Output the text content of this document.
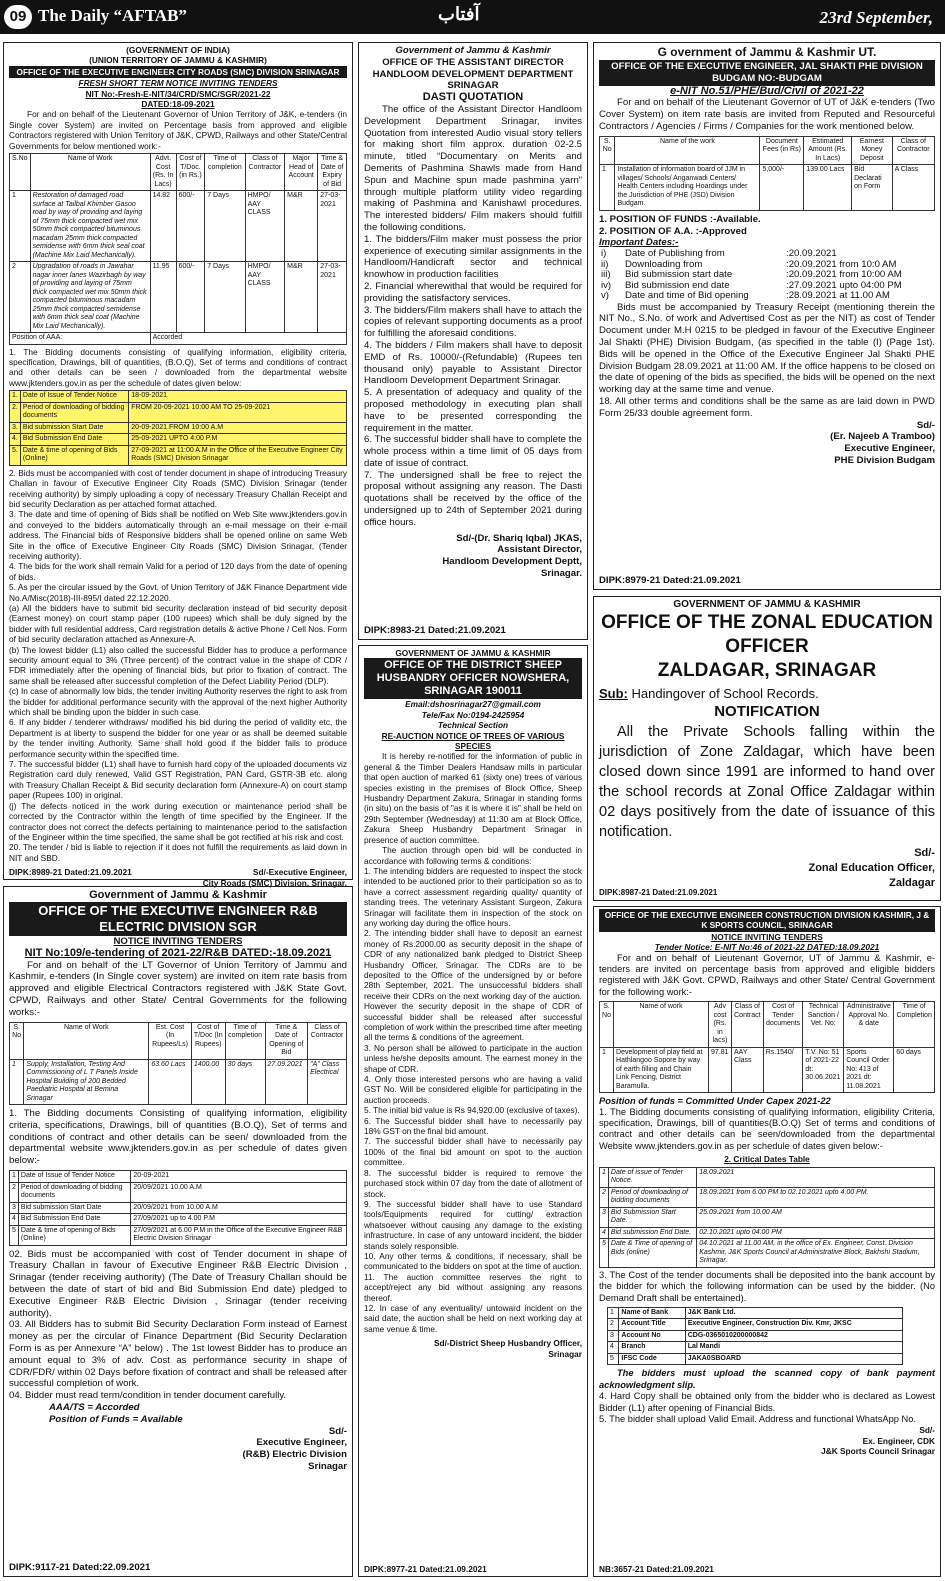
09 The Daily “AFTAB”	آفتاب	23rd September,
(GOVERNMENT OF INDIA)
(UNION TERRITORY OF JAMMU & KASHMIR)
OFFICE OF THE EXECUTIVE ENGINEER CITY ROADS (SMC) DIVISION SRINAGAR
FRESH SHORT TERM NOTICE INVITING TENDERS
NIT No:-Fresh-E-NIT/34/CRD/SMC/SGR/2021-22
DATED:18-09-2021

For and on behalf of the Lieutenant Governor of Union Territory of J&K, e-tenders (in Single cover System) are invited on Percentage basis from approved and eligible Contractors registered with Union Territory of J&K, CPWD, Railways and other State/Central Governments for below mentioned work:-

S.No	Name of Work	Advt. Cost (Rs. In Lacs)	Cost of T/Doc. (in Rs.)	Time of completion	Class of Contractor	Major Head of Account	Time & Date of Expiry of Bid
1	Restoration of damaged road surface at Tailbal Khimber Gasoo road by way of providing and laying of 75mm thick compacted wet mix 50mm thick compacted bituminous macadam 25mm thick compacted semidense with 6mm thick seal coat (Machine Mix Laid Mechanically).	14.82	600/-	7 Days	HMPO/ AAY CLASS	M&R	27-03-2021
2	Upgradation of roads in Jawahar nagar inner lanes Wazirbagh by way of providing and laying of 75mm thick compacted wet mix 50mm thick compacted bituminous macadam 25mm thick compacted semidense with 6mm thick seal coat (Machine Mix Laid Mechanically).	11.95	600/-	7 Days	HMPO/ AAY CLASS	M&R	27-03-2021
Position of AAA:		Accorded					

1. The Bidding documents consisting of qualifying information, eligibility criteria, specification, Drawings, bill of quantities, (B.O.Q), Set of terms and conditions of contract and other details can be seen / downloaded from the departmental website www.jktenders.gov.in as per the schedule of dates given below:

1.	Date of Issue of Tender Notice	18-09-2021
2.	Period of downloading of bidding documents	FROM 20-09-2021 10:00 AM TO 25-09-2021
3.	Bid submission Start Date	20-09-2021 FROM 10:00 A.M
4.	Bid Submission End Date	25-09-2021 UPTO 4:00 P.M
5.	Date & time of opening of Bids (Online)	27-09-2021 at 11:00 A.M in the Office of the Executive Engineer City Roads (SMC) Division Srinagar

2. Bids must be accompanied with cost of tender document in shape of introducing Treasury Challan in favour of Executive Engineer City Roads (SMC) Division Srinagar (tender receiving authority) by simply uploading a copy of necessary Treasury Challan Receipt and bid security Declaration as per attached format attached.

3. The date and time of opening of Bids shall be notified on Web Site www.jktenders.gov.in and conveyed to the bidders automatically through an e-mail message on their e-mail address. The Financial bids of Responsive bidders shall be opened online on same Web Site in the office of Executive Engineer City Roads (SMC) Division Srinagar, (Tender receiving authority).

4. The bids for the work shall remain Valid for a period of 120 days from the date of opening of bids.

5. As per the circular issued by the Govt. of Union Territory of J&K Finance Department vide No.A/Misc(2018)-III-895/I dated 22.12.2020.

(a) All the bidders have to submit bid security declaration instead of bid security deposit (Earnest money) on court stamp paper (100 rupees) which shall be duly signed by the bidder with full residential address, Card registration details & active Phone / Cell Nos. Form of bid security declaration attached as Annexure-A.

(b) The lowest bidder (L1) also called the successful Bidder has to produce a performance security amount equal to 3% (Three percent) of the contract value in the shape of CDR / FDR immediately after the opening of financial bids, but prior to fixation of contract. The same shall be released after successful completion of the Defect Liability Period (DLP).

(c) In case of abnormally low bids, the tender inviting Authority reserves the right to ask from the bidder for additional performance security with the approval of the next higher Authority which shall be binding upon the bidder in such case.

6. If any bidder / tenderer withdraws/ modified his bid during the period of validity etc, the Department is at liberty to suspend the bidder for one year or as shall be deemed suitable by the tender inviting Authority. Same shall hold good if the bidder fails to produce performance security within the specified time.

7. The successful bidder (L1) shall have to furnish hard copy of the uploaded documents viz Registration card duly renewed, Valid GST Registration, PAN Card, GSTR-3B etc. along with Treasury Challan Receipt & Bid security declaration form (Annexure-A) on court stamp paper (Rupees 100) in original.

(j) The defects noticed in the work during execution or maintenance period shall be corrected by the Contractor within the length of time specified by the Engineer. If the contractor does not correct the defects pertaining to maintenance period to the satisfaction of the Engineer within the time specified, the same shall be got rectified at his risk and cost.

20. The tender / bid is liable to rejection if it does not fulfill the requirements as laid down in NIT and SBD.

Sd/-Executive Engineer,
City Roads (SMC) Division, Srinagar.
DIPK:8989-21 Dated:21.09.2021
Government of Jammu & Kashmir
OFFICE OF THE ASSISTANT DIRECTOR HANDLOOM DEVELOPMENT DEPARTMENT SRINAGAR
DASTI QUOTATION

The office of the Assistant Director Handloom Development Department Srinagar, invites Quotation from interested Audio visual story tellers for making short film approx. duration 02-2.5 minute, titled “Documentary on Merits and Demerits of Pashmina Shawls made from Hand Spun and Machine spun made pashmina yarn” through multiple platform utility video regarding making of Pashmina and Kanishawl procedures. The interested bidders/ Film makers should fulfill the following conditions.

1. The bidders/Film maker must possess the prior experience of executing similar assignments in the Handloom/Handicraft sector and technical knowhow in production facilities

2. Financial wherewithal that would be required for providing the satisfactory services.

3. The bidders/Film makers shall have to attach the copies of relevant supporting documents as a proof for fulfilling the aforesaid conditions.

4. The bidders / Film makers shall have to deposit EMD of Rs. 10000/-(Refundable) (Rupees ten thousand only) payable to Assistant Director Handloom Development Department Srinagar.

5. A presentation of adequacy and quality of the proposed methodology in executing plan shall have to be presented corresponding the requirement in the matter.

6. The successful bidder shall have to complete the whole process within a time limit of 05 days from date of issue of contract.

7. The undersigned shall be free to reject the proposal without assigning any reason. The Dasti quotations shall be received by the office of the undersigned up to 24th of September 2021 during office hours.

Sd/-(Dr. Shariq Iqbal) JKAS,
Assistant Director,
Handloom Development Deptt,
Srinagar.
DIPK:8983-21 Dated:21.09.2021
G overnment of Jammu & Kashmir UT.
OFFICE OF THE EXECUTIVE ENGINEER, JAL SHAKTI PHE DIVISION BUDGAM NO:-BUDGAM
e-NIT No.51/PHE/Bud/Civil of 2021-22

For and on behalf of the Lieutenant Governor of UT of J&K e-tenders (Two Cover System) on item rate basis are invited from Reputed and Resourceful Contractors / Agencies / Firms / Companies for the work mentioned below.

S. No	Name of the work	Document Fees (in Rs)	Estimated Amount (Rs. In Lacs)	Earnest Money Deposit	Class of Contractor
1	Installation of information board of JJM in villages/ Schools/ Anganwadi Centers/ Health Centers including Hoardings under the Jurisdiction of PHE (JSD) Division Budgam.	5,000/-	139.00 Lacs	Bid Declarati on Form	A Class
1. POSITION OF FUNDS :-Available.
2. POSITION OF A.A. :-Approved
Important Dates:-
i)	Date of Publishing from	:20.09.2021
ii)	Downloading from	:20.09.2021 from 10:0 AM
iii)	Bid submission start date	:20.09.2021 from 10:00 AM
iv)	Bid submission end date	:27.09.2021 upto 04:00 PM
v)	Date and time of Bid opening	:28.09.2021 at 11.00 AM

Bids must be accompanied by Treasury Receipt (mentioning therein the NIT No., S.No. of work and Advertised Cost as per the NIT) as cost of Tender Document under M.H 0215 to be pledged in favour of the Executive Engineer Jal Shakti (PHE) Division Budgam, (as specified in the table (I) (Page 1st). Bids will be opened in the Office of the Executive Engineer Jal Shakti PHE Division Budgam 28.09.2021 at 11:00 AM. If the office happens to be closed on the date of opening of the bids as specified, the bids will be opened on the next working day at the same time and venue.

18. All other terms and conditions shall be the same as are laid down in PWD Form 25/33 double agreement form.

Sd/-
(Er. Najeeb A Tramboo)
Executive Engineer,
PHE Division Budgam
DIPK:8979-21 Dated:21.09.2021
GOVERNMENT OF JAMMU & KASHMIR
OFFICE OF THE ZONAL EDUCATION OFFICER
ZALDAGAR, SRINAGAR
Sub: Handingover of School Records.
NOTIFICATION

All the Private Schools falling within the jurisdiction of Zone Zaldagar, which have been closed down since 1991 are informed to hand over the school records at Zonal Office Zaldagar within 02 days positively from the date of issuance of this notification.

Sd/-
Zonal Education Officer,
Zaldagar
DIPK:8987-21 Dated:21.09.2021
GOVERNMENT OF JAMMU & KASHMIR
OFFICE OF THE DISTRICT SHEEP HUSBANDRY OFFICER NOWSHERA, SRINAGAR 190011
Email:dshosrinagar27@gmail.com
Tele/Fax No:0194-2425954
Technical Section
RE-AUCTION NOTICE OF TREES OF VARIOUS SPECIES

It is hereby re-notified for the information of public in general & the Timber Dealers Handsaw mills in particular that open auction of marked 61 (sixty one) trees of various species existing in the premises of Block Office, Sheep Husbandry Department Zakura, Srinagar in standing forms (in situ) on the basis of "as it is where it is" shall be held on 29th September (Wednesday) at 11:30 am at Block Office, Zakura Sheep Husbandry Department Srinagar in presence of auction committee.

The auction through open bid will be conducted in accordance with following terms & conditions:

1. The intending bidders are requested to inspect the stock intended to be auctioned prior to their participation so as to have a correct assessment regarding quality/ quantity of standing trees. The veterinary Assistant Surgeon, Zakura Srinagar will facilitate them in inspection of the stock on any working day during the office hours.

2. The intending bidder shall have to deposit an earnest money of Rs.2000.00 as security deposit in the shape of CDR of any nationalized bank pledged to District Sheep Husbandry Officer, Srinagar. The CDRs are to be deposited to the Office of the undersigned by or before 28th September, 2021. The unsuccessful bidders shall receive their CDRs on the next working day of the auction. However the security deposit in the shape of CDR of successful bidder shall be released after successful completion of work within the prescribed time after meeting all the terms & conditions of the agreement.

3. No person shall be allowed to participate in the auction unless he/she deposits amount. The earnest money in the shape of CDR.

4. Only those interested persons who are having a valid GST No. Will be considered eligible for participating in the auction proceeds.

5. The initial bid value is Rs 94,920.00 (exclusive of taxes).

6. The Successful bidder shall have to necessarily pay 18% GST on the final bid amount.

7. The successful bidder shall have to necessarily pay 100% of the final bid amount on spot to the auction committee.

8. The successful bidder is required to remove the purchased stock within 07 day from the date of allotment of stock.

9. The successful bidder shall have to use Standard tools/Equipments required for cutting/ extraction whatsoever without causing any damage to the existing infrastructure. In case of any untoward incident, the bidder stands solely responsible.

10. Any other terms & conditions, if necessary, shall be communicated to the bidders on spot at the time of auction.

11. The auction committee reserves the right to accept/reject any bid without assigning any reasons thereof.

12. In case of any eventuality/ untoward incident on the said date, the auction shall be held on next working day at same venue & time.

Sd/-District Sheep Husbandry Officer,
Srinagar
DIPK:8977-21 Dated:21.09.2021
Government of Jammu & Kashmir
OFFICE OF THE EXECUTIVE ENGINEER R&B ELECTRIC DIVISION SGR
NOTICE INVITING TENDERS
NIT No:109/e-tendering of 2021-22/R&B DATED:-18.09.2021

For and on behalf of the LT Governor of Union Territory of Jammu and Kashmir, e-tenders (In Single cover system) are invited on item rate basis from approved and eligible Electrical Contractors registered with J&K State Govt. CPWD, Railways and other State/ Central Governments for the following works:-

S. No	Name of Work	Est. Cost (In Rupees/Ls)	Cost of T/Doc (In Rupees)	Time of completion	Time & Date of Opening of Bid	Class of Contractor
1	Supply, Installation, Testing And Commissioning of L T Panels Inside Hospital Building of 200 Bedded Paediatric Hospital at Bemina Srinagar	63.60 Lacs	1400.00	30 days	27.09.2021	"A" Class Electrical

1. The Bidding documents Consisting of qualifying information, eligibility criteria, specifications, Drawings, bill of quantities (B.O.Q), Set of terms and conditions of contract and other details can be seen/ downloaded from the departmental website www.jktenders.gov.in as per schedule of dates given below:-

1	Date of Issue of Tender Notice	20-09-2021
2	Period of downloading of bidding documents	20/09/2021 10.00 A.M
3	Bid submission Start Date	20/09/2021 from 10.00 A.M
4	Bid Submission End Date	27/09/2021 up to 4.00 P.M
5	Date & time of opening of Bids (Online)	27/09/2021 at 6.00 P.M in the Office of the Executive Engineer R&B Electric Division Srinagar

02. Bids must be accompanied with cost of Tender document in shape of Treasury Challan in favour of Executive Engineer R&B Electric Division , Srinagar (tender receiving authority) (The Date of Treasury Challan should be between the date of start of bid and Bid Submission End date) pledged to Executive Engineer R&B Electric Division , Srinagar (tender receiving authority).

03. All Bidders has to submit Bid Security Declaration Form instead of Earnest money as per the circular of Finance Department (Bid Security Declaration Form is as per Annexure “A” below) . The 1st lowest Bidder has to produce an amount equal to 3% of adv. Cost as performance security in shape of CDR/FDR/ within 02 Days before fixation of contract and shall be released after successful completion of work.

04. Bidder must read term/condition in tender document carefully.

AAA/TS = Accorded
Position of Funds = Available
Sd/-
Executive Engineer,
(R&B) Electric Division
Srinagar
DIPK:9117-21 Dated:22.09.2021
OFFICE OF THE EXECUTIVE ENGINEER CONSTRUCTION DIVISION KASHMIR, J & K SPORTS COUNCIL, SRINAGAR
NOTICE INVITING TENDERS
Tender Notice: E-NIT No:46 of 2021-22 DATED:18.09.2021

For and on behalf of Lieutenant Governor, UT of Jammu & Kashmir, e-tenders are invited on percentage basis from approved and eligible bidders registered with J&K Govt. CPWD, Railways and other State/ Central Government for the following work:-

S. No	Name of work	Adv cost (Rs. in lacs)	Class of Contract	Cost of Tender documents	Technical Sanction / Vet. No:	Administrative Approval No. & date	Time of Completion
1	Development of play field at Hathlangoo Sopore by way of earth filling and Chain Link Fencing, District Baramulla.	97.81	AAY Class	Rs.1540/	T.V. No: 51 of 2021-22 dt: 30.06.2021	Sports Council Order No: 413 of 2021 dt: 11.08.2021	60 days
Position of funds = Committed Under Capex 2021-22

1. The Bidding documents consisting of qualifying information, eligibility Criteria, specification, Drawings, bill of quantities(B.O.Q) Set of terms and conditions of contract and other details can be seen/downloaded from the departmental Website www.jktenders.gov.in as per schedule of dates given below:-

2. Critical Dates Table
1	Date of issue of Tender Notice.	18.09.2021
2	Period of downloading of bidding documents	18.09.2021 from 6.00 PM to 02.10.2021 upto 4.00 PM.
3	Bid Submission Start Date.	25.09.2021 from 10.00 AM
4	Bid submission End Date.	02.10.2021 upto 04.00 PM
5	Date & Time of opening of Bids (online)	04.10.2021 at 11.00 AM, in the office of Ex. Engineer, Const. Division Kashmir, J&K Sports Council at Administrative Block, Bakhshi Stadium, Srinagar.

3. The Cost of the tender documents shall be deposited into the bank account by the bidder for which the following information can be used by the bidder. (No Demand Draft shall be entertained).

1	Name of Bank	J&K Bank Ltd.
2	Account Title	Executive Engineer, Construction Div. Kmr, JKSC
3	Account No	CDG-0365010200000842
4	Branch	Lal Mandi
5	IFSC Code	JAKA0SBOARD

The bidders must upload the scanned copy of bank payment acknowledgment slip.

4. Hard Copy shall be obtained only from the bidder who is declared as Lowest Bidder (L1) after opening of Financial Bids.

5. The bidder shall upload Valid Email. Address and functional WhatsApp No.

Sd/-
Ex. Engineer, CDK
J&K Sports Council Srinagar
NB:3657-21 Dated:21.09.2021
